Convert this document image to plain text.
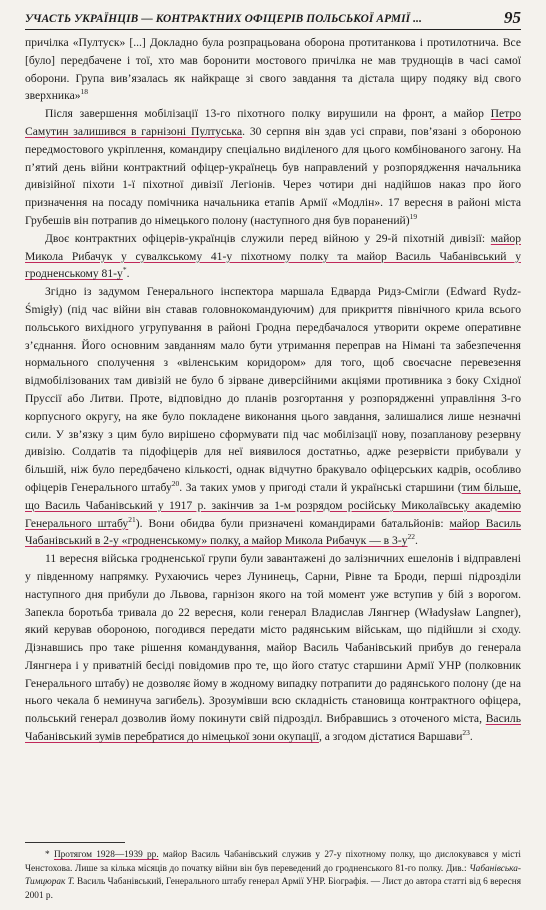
УЧАСТЬ УКРАЇНЦІВ — КОНТРАКТНИХ ОФІЦЕРІВ ПОЛЬСЬКОЇ АРМІЇ ...	95

причілка «Пултуск» [...] Докладно була розпрацьована оборона протитанкова і протилотнича. Все [було] передбачене і тої, хто мав боронити мостового причілка не мав труднощів в часі самої оборони. Група вив’язалась як найкраще зі свого завдання та дістала щиру подяку від свого зверхника»$^{18}$

Після завершення мобілізації 13-го піхотного полку вирушили на фронт, а майор Петро Самутин залишився в гарнізоні Пултуська. 30 серпня він здав усі справи, пов’язані з обороною передмостового укріплення, командиру спеціально виділеного для цього комбінованого загону. На п’ятий день війни контрактний офіцер-українець був направлений у розпорядження начальника дивізійної піхоти 1-ї піхотної дивізії Легіонів. Через чотири дні надійшов наказ про його призначення на посаду помічника начальника етапів Армії «Модлін». 17 вересня в районі міста Грубешів він потрапив до німецького полону (наступного дня був поранений)$^{19}$

Двоє контрактних офіцерів-українців служили перед війною у 29-й піхотній дивізії: майор Микола Рибачук у сувалкському 41-у піхотному полку та майор Василь Чабанівський у гродненському 81-у*.

Згідно із задумом Генерального інспектора маршала Едварда Ридз-Смігли (Edward Rydz-Śmigły) (під час війни він ставав головнокомандуючим) для прикриття північного крила всього польського вихідного угрупування в районі Гродна передбачалося утворити окреме оперативне з’єднання. Його основним завданням мало бути утримання переправ на Німані та забезпечення нормального сполучення з «віленським коридором» для того, щоб своєчасне перевезення відмобілізованих там дивізій не було б зірване диверсійними акціями противника з боку Східної Пруссії або Литви. Проте, відповідно до планів розгортання у розпорядженні управління 3-го корпусного округу, на яке було покладене виконання цього завдання, залишалися лише незначні сили. У зв’язку з цим було вирішено сформувати під час мобілізації нову, позапланову резервну дивізію. Солдатів та підофіцерів для неї виявилося достатньо, адже резервісти прибували у більшій, ніж було передбачено кількості, однак відчутно бракувало офіцерських кадрів, особливо офіцерів Генерального штабу$^{20}$. За таких умов у пригоді стали й українські старшини (тим більше, що Василь Чабанівський у 1917 р. закінчив за 1-м розрядом російську Миколаївську академію Генерального штабу$^{21}$). Вони обидва були призначені командирами батальйонів: майор Василь Чабанівський в 2-у «гродненському» полку, а майор Микола Рибачук — в $3-у^{22}$.

11 вересня війська гродненської групи були завантажені до залізничних ешелонів і відправлені у південному напрямку. Рухаючись через Лунинець, Сарни, Рівне та Броди, перші підрозділи наступного дня прибули до Львова, гарнізон якого на той момент уже вступив у бій з ворогом. Запекла боротьба тривала до 22 вересня, коли генерал Владислав Лянгнер (Władysław Langner), який керував обороною, погодився передати місто радянським військам, що підійшли зі сходу. Дізнавшись про таке рішення командування, майор Василь Чабанівський прибув до генерала Лянгнера і у приватній бесіді повідомив про те, що його статус старшини Армії УНР (полковник Генерального штабу) не дозволяє йому в жодному випадку потрапити до радянського полону (де на нього чекала б неминуча загибель). Зрозумівши всю складність становища контрактного офіцера, польський генерал дозволив йому покинути свій підрозділ. Вибравшись з оточеного міста, Василь Чабанівський зумів перебратися до німецької зони окупації, а згодом дістатися Варшави$^{23}$.

* Протягом 1928—1939 рр. майор Василь Чабанівський служив у 27-у піхотному полку, що дислокувався у місті Ченстохова. Лише за кілька місяців до початку війни він був переведений до гродненського 81-го полку. Див.: Чабанівська-Тимцюрак Т. Василь Чабанівський, Генерального штабу генерал Армії УНР. Біографія. — Лист до автора статті від 6 вересня 2001 р.
